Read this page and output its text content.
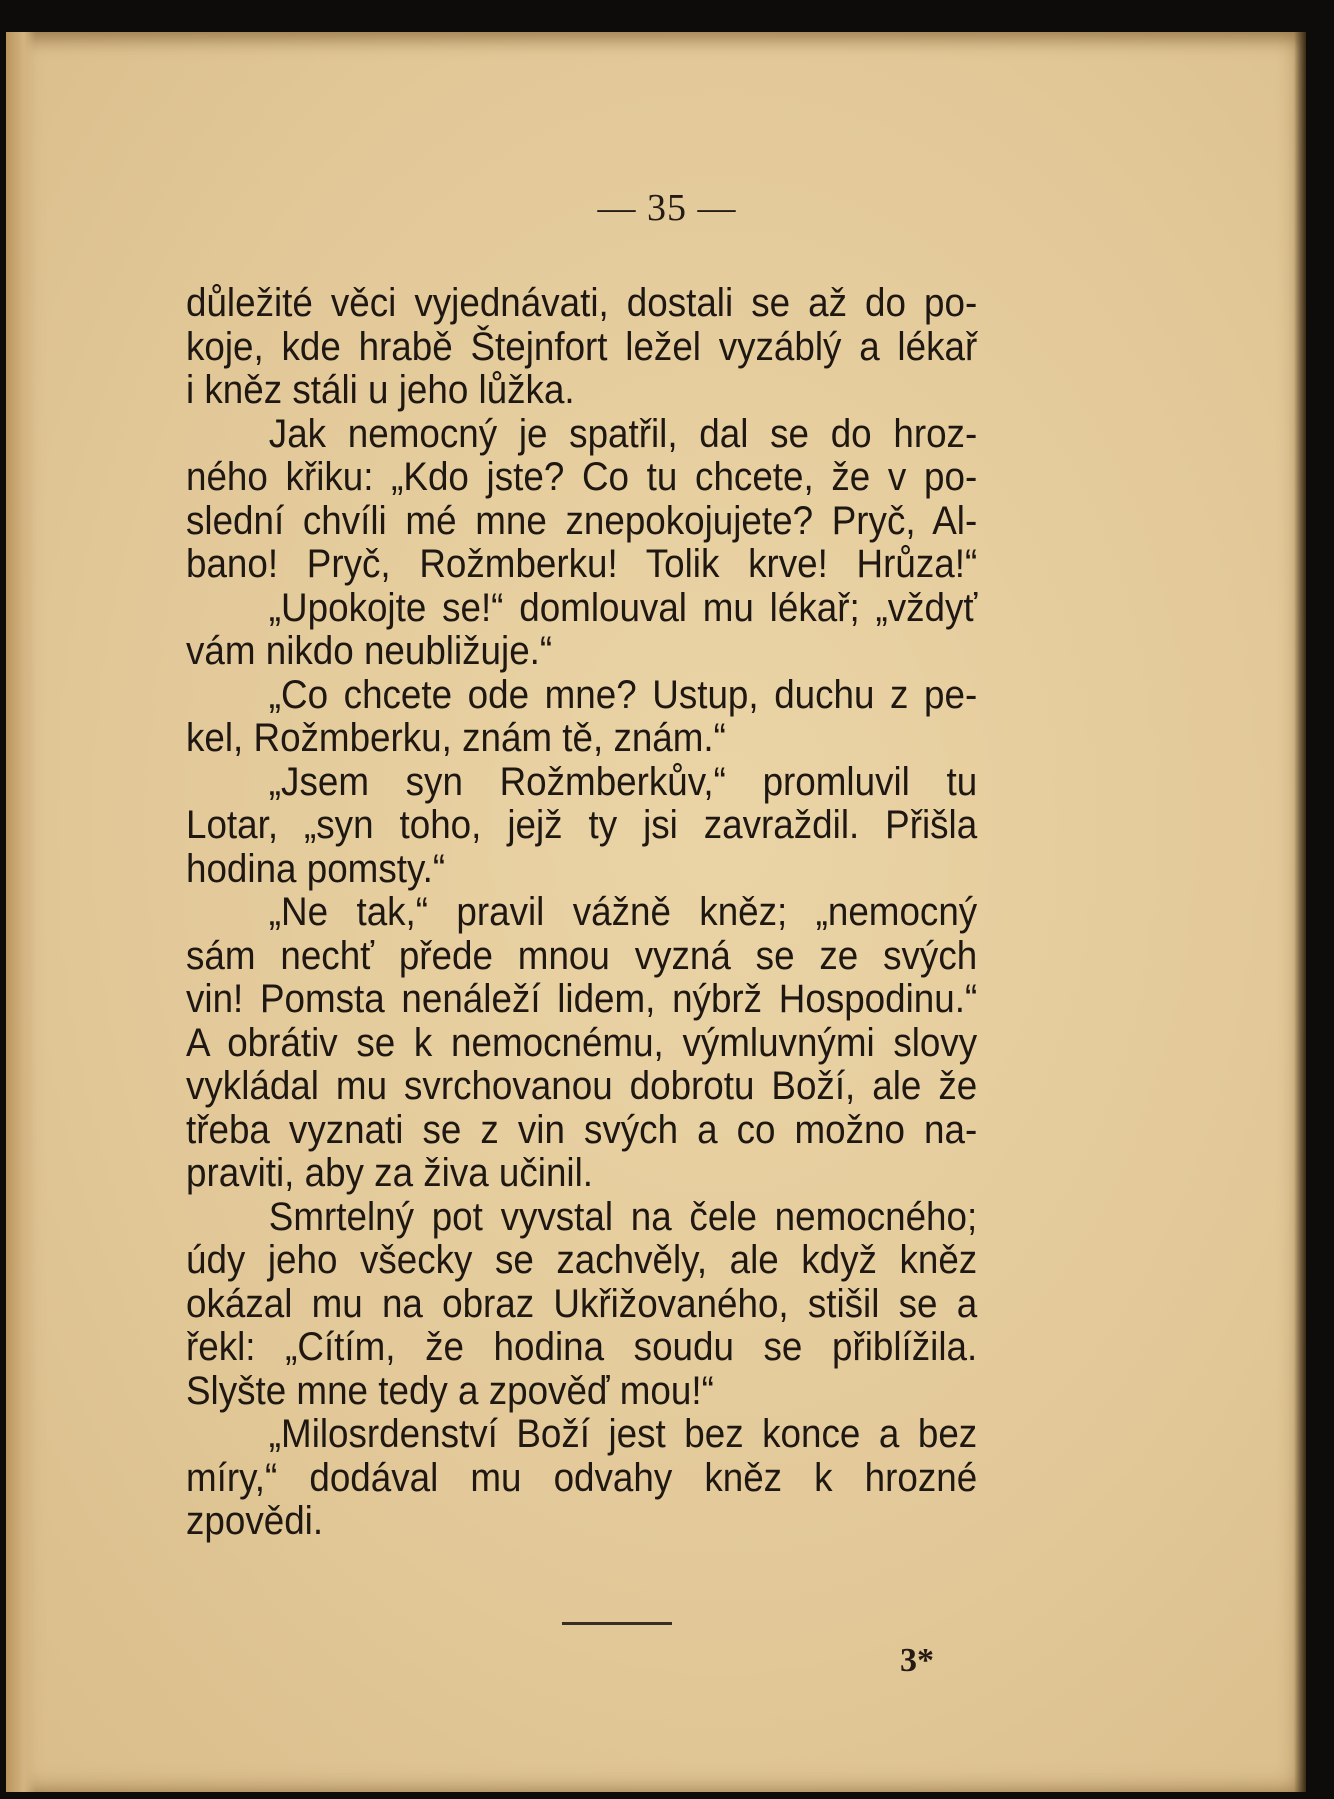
— 35 —
důležité věci vyjednávati, dostali se až do po-
koje, kde hrabě Štejnfort ležel vyzáblý a lékař
i kněz stáli u jeho lůžka.
Jak nemocný je spatřil, dal se do hroz-
ného křiku: „Kdo jste? Co tu chcete, že v po-
slední chvíli mé mne znepokojujete? Pryč, Al-
bano! Pryč, Rožmberku! Tolik krve! Hrůza!“
„Upokojte se!“ domlouval mu lékař; „vždyť
vám nikdo neubližuje.“
„Co chcete ode mne? Ustup, duchu z pe-
kel, Rožmberku, znám tě, znám.“
„Jsem syn Rožmberkův,“ promluvil tu
Lotar, „syn toho, jejž ty jsi zavraždil. Přišla
hodina pomsty.“
„Ne tak,“ pravil vážně kněz; „nemocný
sám nechť přede mnou vyzná se ze svých
vin! Pomsta nenáleží lidem, nýbrž Hospodinu.“
A obrátiv se k nemocnému, výmluvnými slovy
vykládal mu svrchovanou dobrotu Boží, ale že
třeba vyznati se z vin svých a co možno na-
praviti, aby za živa učinil.
Smrtelný pot vyvstal na čele nemocného;
údy jeho všecky se zachvěly, ale když kněz
okázal mu na obraz Ukřižovaného, stišil se a
řekl: „Cítím, že hodina soudu se přiblížila.
Slyšte mne tedy a zpověď mou!“
„Milosrdenství Boží jest bez konce a bez
míry,“ dodával mu odvahy kněz k hrozné
zpovědi.
3*
